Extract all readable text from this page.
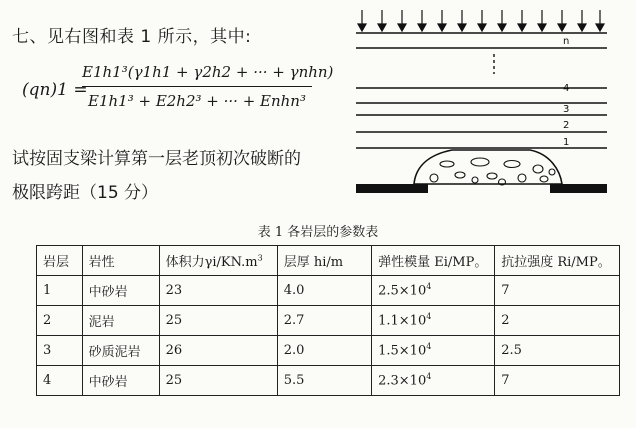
七、见右图和表 1 所示，其中:
(qn)1 =
E1h1³(γ1h1 + γ2h2 + ··· + γnhn)
E1h1³ + E2h2³ + ··· + Enhn³
试按固支梁计算第一层老顶初次破断的
极限跨距（15 分）
n
4
3
2
1
表 1 各岩层的参数表
岩层	岩性	体积力$\gamma i/KN.m^3$	层厚 hi/m	弹性模量 Ei/MP。	抗拉强度 Ri/MP。
1	中砂岩	23	4.0	$2.5\times 10^4$	7
2	泥岩	25	2.7	$1.1\times 10^4$	2
3	砂质泥岩	26	2.0	$1.5\times 10^4$	2.5
4	中砂岩	25	5.5	$2.3\times 10^4$	7
